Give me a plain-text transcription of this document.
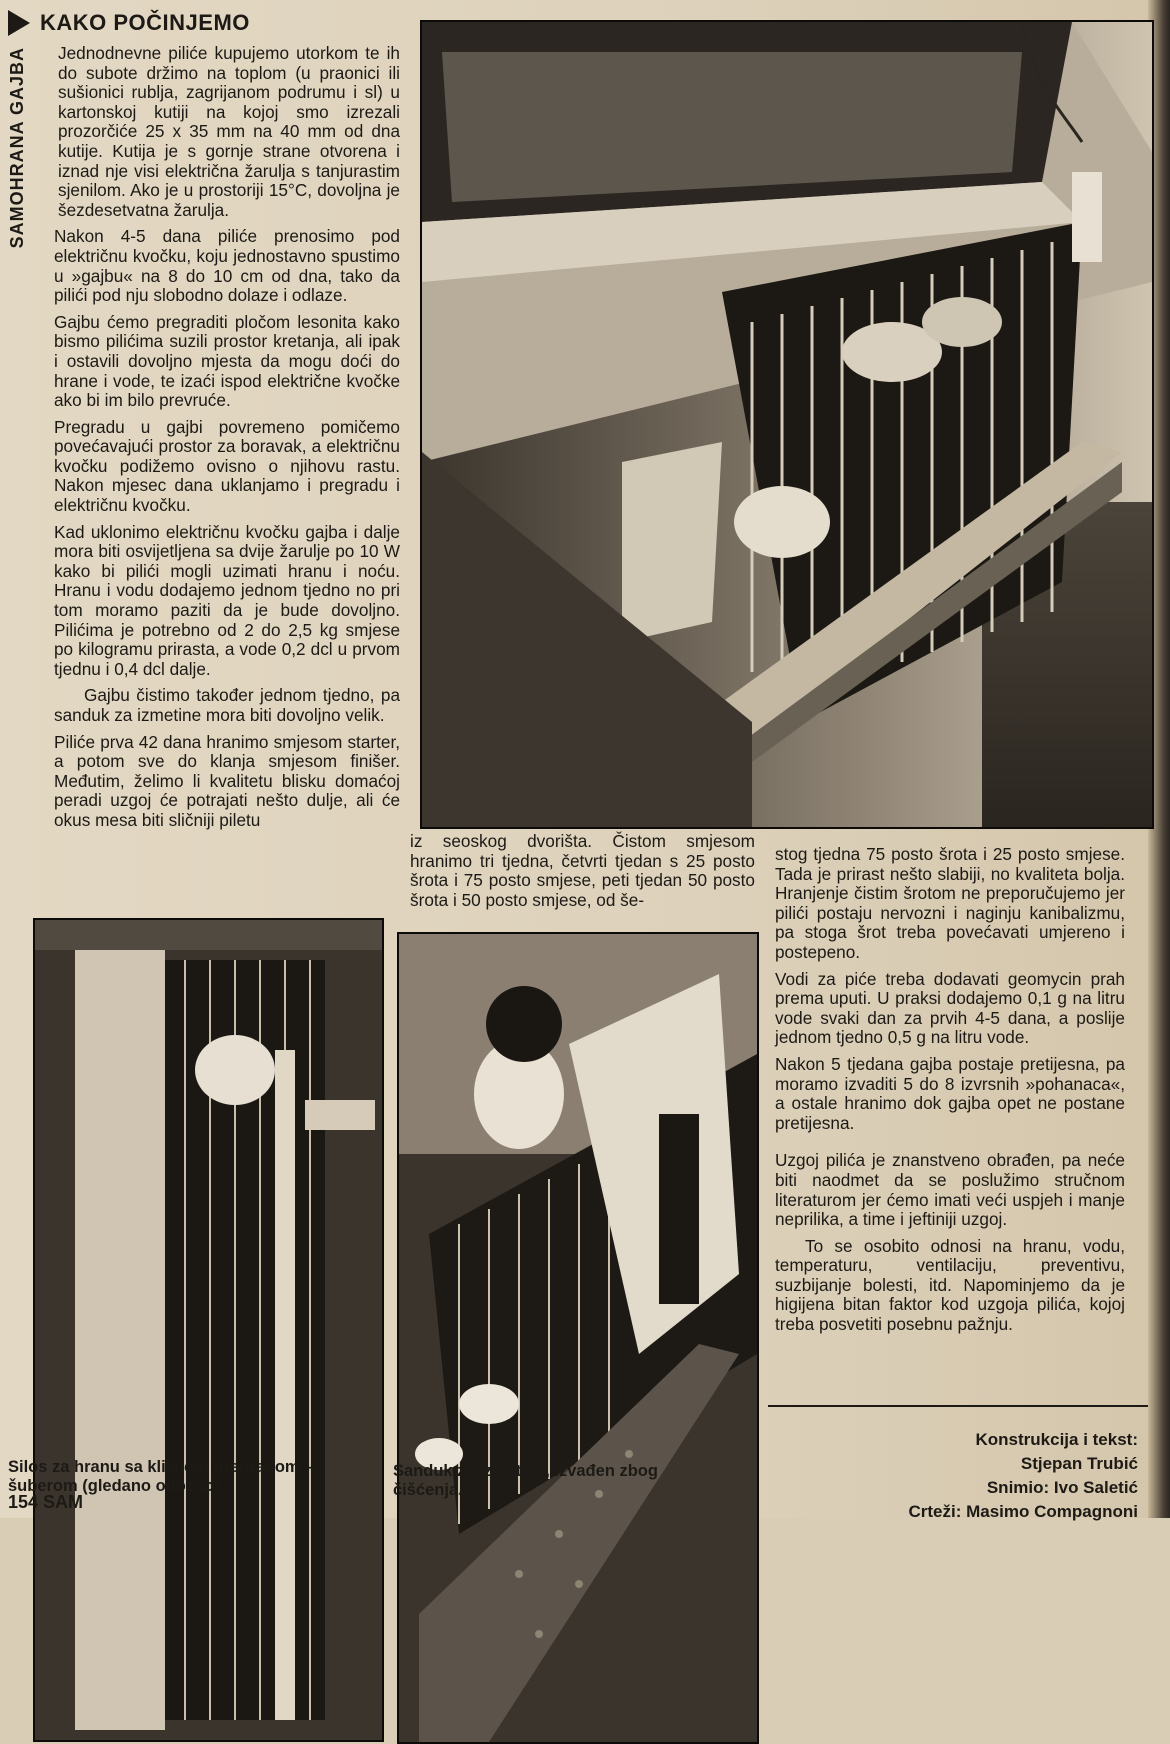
SAMOHRANA GAJBA
KAKO POČINJEMO

Jednodnevne piliće kupujemo utorkom te ih do subote držimo na toplom (u praonici ili sušionici rublja, zagrijanom podrumu i sl) u kartonskoj kutiji na kojoj smo izrezali prozorčiće 25 x 35 mm na 40 mm od dna kutije. Kutija je s gornje strane otvorena i iznad nje visi električna žarulja s tanjurastim sjenilom. Ako je u prostoriji 15°C, dovoljna je šezdesetvatna žarulja.

Nakon 4-5 dana piliće prenosimo pod električnu kvočku, koju jednostavno spustimo u »gajbu« na 8 do 10 cm od dna, tako da pilići pod nju slobodno dolaze i odlaze.

Gajbu ćemo pregraditi pločom lesonita kako bismo pilićima suzili prostor kretanja, ali ipak i ostavili dovoljno mjesta da mogu doći do hrane i vode, te izaći ispod električne kvočke ako bi im bilo prevruće.

Pregradu u gajbi povremeno pomičemo povećavajući prostor za boravak, a električnu kvočku podižemo ovisno o njihovu rastu. Nakon mjesec dana uklanjamo i pregradu i električnu kvočku.

Kad uklonimo električnu kvočku gajba i dalje mora biti osvijetljena sa dvije žarulje po 10 W kako bi pilići mogli uzimati hranu i noću. Hranu i vodu dodajemo jednom tjedno no pri tom moramo paziti da je bude dovoljno. Pilićima je potrebno od 2 do 2,5 kg smjese po kilogramu prirasta, a vode 0,2 dcl u prvom tjednu i 0,4 dcl dalje.

Gajbu čistimo također jednom tjedno, pa sanduk za izmetine mora biti dovoljno velik.

Piliće prva 42 dana hranimo smjesom starter, a potom sve do klanja smjesom finišer. Međutim, želimo li kvalitetu blisku domaćoj peradi uzgoj će potrajati nešto dulje, ali će okus mesa biti sličniji piletu

iz seoskog dvorišta. Čistom smjesom hranimo tri tjedna, četvrti tjedan s 25 posto šrota i 75 posto smjese, peti tjedan 50 posto šrota i 50 posto smjese, od še-

stog tjedna 75 posto šrota i 25 posto smjese. Tada je prirast nešto slabiji, no kvaliteta bolja. Hranjenje čistim šrotom ne preporučujemo jer pilići postaju nervozni i naginju kanibalizmu, pa stoga šrot treba povećavati umjereno i postepeno.

Vodi za piće treba dodavati geomycin prah prema uputi. U praksi dodajemo 0,1 g na litru vode svaki dan za prvih 4-5 dana, a poslije jednom tjedno 0,5 g na litru vode.

Nakon 5 tjedana gajba postaje pretijesna, pa moramo izvaditi 5 do 8 izvrsnih »pohanaca«, a ostale hranimo dok gajba opet ne postane pretijesna.

Uzgoj pilića je znanstveno obrađen, pa neće biti naodmet da se poslužimo stručnom literaturom jer ćemo imati veći uspjeh i manje neprilika, a time i jeftiniji uzgoj.

To se osobito odnosi na hranu, vodu, temperaturu, ventilaciju, preventivu, suzbijanje bolesti, itd. Napominjemo da je higijena bitan faktor kod uzgoja pilića, kojoj treba posvetiti posebnu pažnju.

Silos za hranu sa kliznom pregradom – šuberom (gledano odozgo).
Sanduk za izmetine, izvađen zbog čišćenja.
Konstrukcija i tekst:
Stjepan Trubić
Snimio: Ivo Saletić
Crteži: Masimo Compagnoni
154 SAM
